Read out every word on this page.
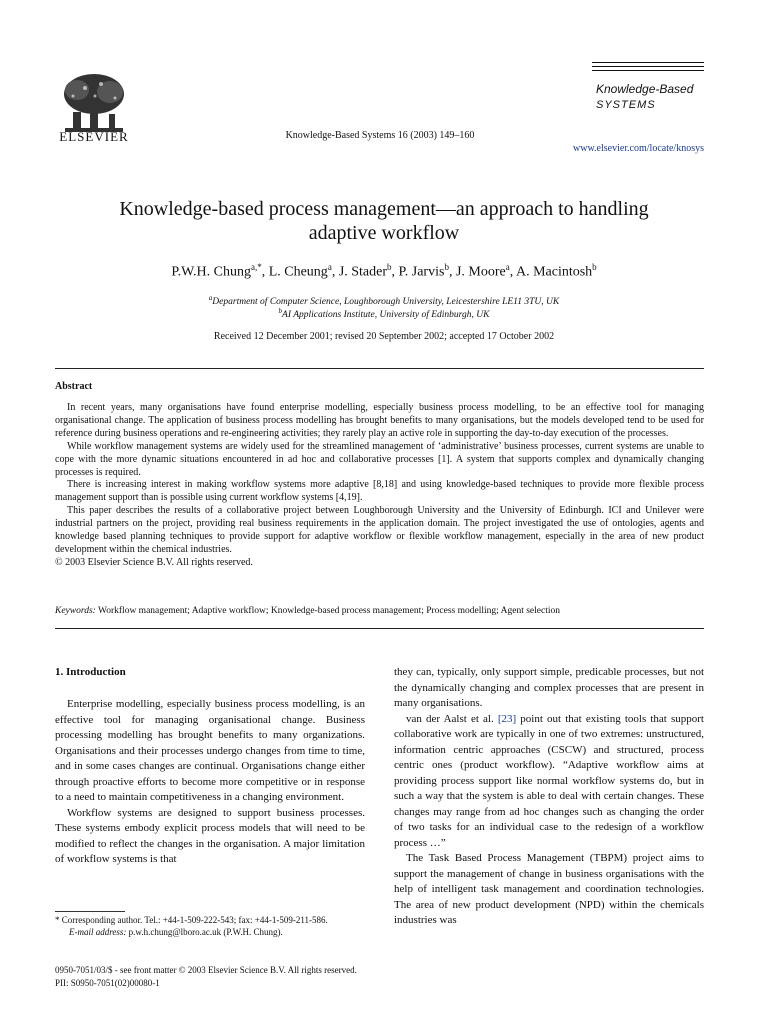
ELSEVIER	Knowledge-Based Systems 16 (2003) 149–160
Knowledge-Based
SYSTEMS
www.elsevier.com/locate/knosys
Knowledge-based process management—an approach to handling
adaptive workflow
P.W.H. Chung$^{a,*}$, L. Cheung$^a$, J. Stader$^b$, P. Jarvis$^b$, J. Moore$^a$, A. Macintosh$^b$
$^a$Department of Computer Science, Loughborough University, Leicestershire LE11 3TU, UK
$^b$AI Applications Institute, University of Edinburgh, UK
Received 12 December 2001; revised 20 September 2002; accepted 17 October 2002
Abstract

In recent years, many organisations have found enterprise modelling, especially business process modelling, to be an effective tool for managing organisational change. The application of business process modelling has brought benefits to many organisations, but the models developed tend to be used for reference during business operations and re-engineering activities; they rarely play an active role in supporting the day-to-day execution of the processes.

While workflow management systems are widely used for the streamlined management of ‘administrative’ business processes, current systems are unable to cope with the more dynamic situations encountered in ad hoc and collaborative processes [1]. A system that supports complex and dynamically changing processes is required.

There is increasing interest in making workflow systems more adaptive [8,18] and using knowledge-based techniques to provide more flexible process management support than is possible using current workflow systems [4,19].

This paper describes the results of a collaborative project between Loughborough University and the University of Edinburgh. ICI and Unilever were industrial partners on the project, providing real business requirements in the application domain. The project investigated the use of ontologies, agents and knowledge based planning techniques to provide support for adaptive workflow or flexible workflow management, especially in the area of new product development within the chemical industries.

© 2003 Elsevier Science B.V. All rights reserved.

Keywords: Workflow management; Adaptive workflow; Knowledge-based process management; Process modelling; Agent selection
1. Introduction

Enterprise modelling, especially business process modelling, is an effective tool for managing organisational change. Business processing modelling has brought benefits to many organizations. Organisations and their processes undergo changes from time to time, and in some cases changes are continual. Organisations change either through proactive efforts to become more competitive or in response to a need to maintain competitiveness in a changing environment.

Workflow systems are designed to support business processes. These systems embody explicit process models that will need to be modified to reflect the changes in the organisation. A major limitation of workflow systems is that

they can, typically, only support simple, predicable processes, but not the dynamically changing and complex processes that are present in many organisations.

van der Aalst et al. [23] point out that existing tools that support collaborative work are typically in one of two extremes: unstructured, information centric approaches (CSCW) and structured, process centric ones (product workflow). “Adaptive workflow aims at providing process support like normal workflow systems do, but in such a way that the system is able to deal with certain changes. These changes may range from ad hoc changes such as changing the order of two tasks for an individual case to the redesign of a workflow process …”

The Task Based Process Management (TBPM) project aims to support the management of change in business organisations with the help of intelligent task management and coordination technologies. The area of new product development (NPD) within the chemicals industries was

* Corresponding author. Tel.: +44-1-509-222-543; fax: +44-1-509-211-586.

E-mail address: p.w.h.chung@lboro.ac.uk (P.W.H. Chung).

0950-7051/03/$ - see front matter © 2003 Elsevier Science B.V. All rights reserved.
PII: S0950-7051(02)00080-1
